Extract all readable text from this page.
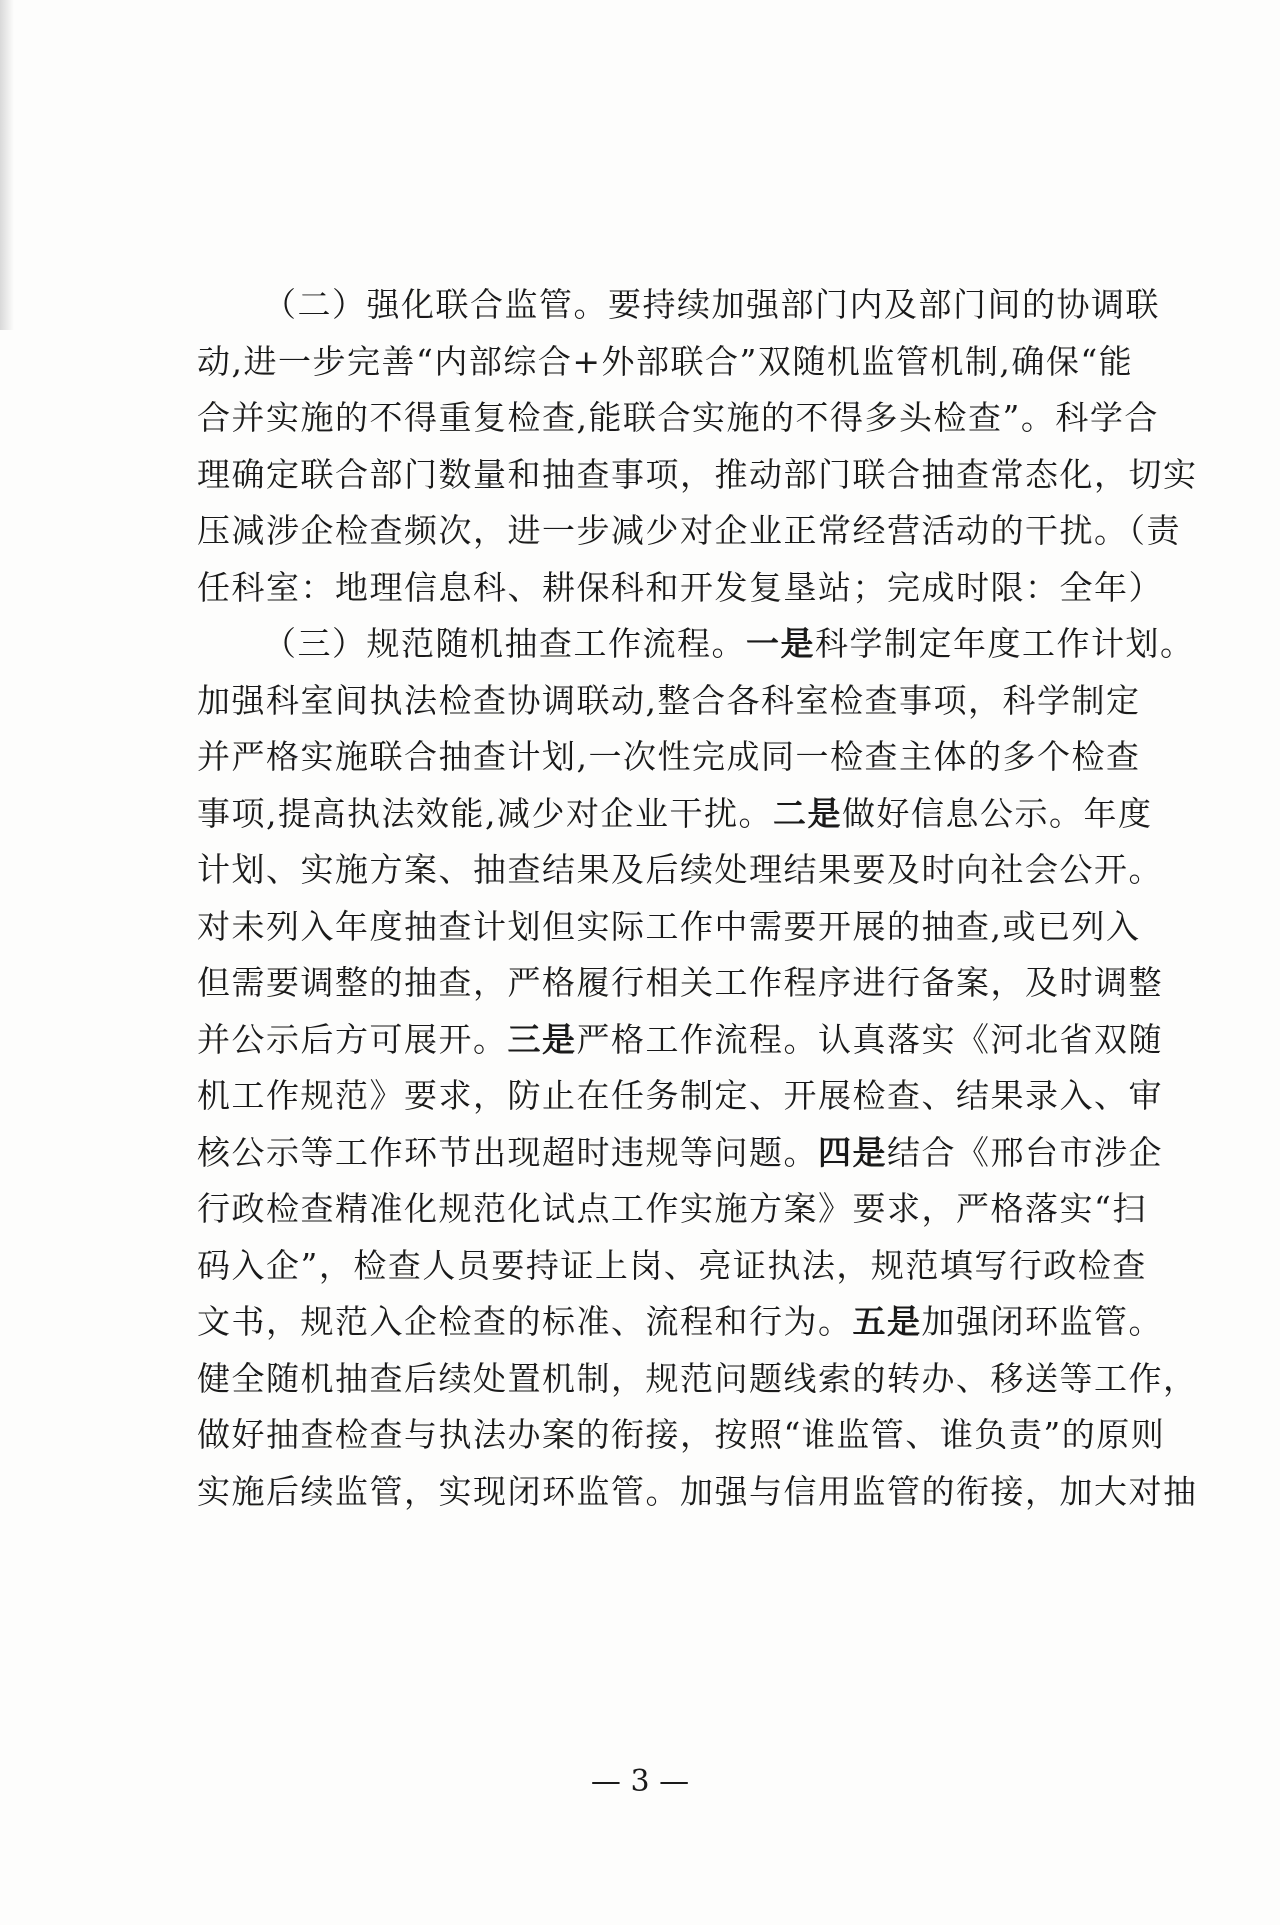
（二）强化联合监管。要持续加强部门内及部门间的协调联
动,进一步完善“内部综合+外部联合”双随机监管机制,确保“能
合并实施的不得重复检查,能联合实施的不得多头检查”。科学合
理确定联合部门数量和抽查事项，推动部门联合抽查常态化，切实
压减涉企检查频次，进一步减少对企业正常经营活动的干扰。（责
任科室：地理信息科、耕保科和开发复垦站；完成时限：全年）
（三）规范随机抽查工作流程。一是科学制定年度工作计划。
加强科室间执法检查协调联动,整合各科室检查事项，科学制定
并严格实施联合抽查计划,一次性完成同一检查主体的多个检查
事项,提高执法效能,减少对企业干扰。二是做好信息公示。年度
计划、实施方案、抽查结果及后续处理结果要及时向社会公开。
对未列入年度抽查计划但实际工作中需要开展的抽查,或已列入
但需要调整的抽查，严格履行相关工作程序进行备案，及时调整
并公示后方可展开。三是严格工作流程。认真落实《河北省双随
机工作规范》要求，防止在任务制定、开展检查、结果录入、审
核公示等工作环节出现超时违规等问题。四是结合《邢台市涉企
行政检查精准化规范化试点工作实施方案》要求，严格落实“扫
码入企”，检查人员要持证上岗、亮证执法，规范填写行政检查
文书，规范入企检查的标准、流程和行为。五是加强闭环监管。
健全随机抽查后续处置机制，规范问题线索的转办、移送等工作，
做好抽查检查与执法办案的衔接，按照“谁监管、谁负责”的原则
实施后续监管，实现闭环监管。加强与信用监管的衔接，加大对抽
— 3 —
